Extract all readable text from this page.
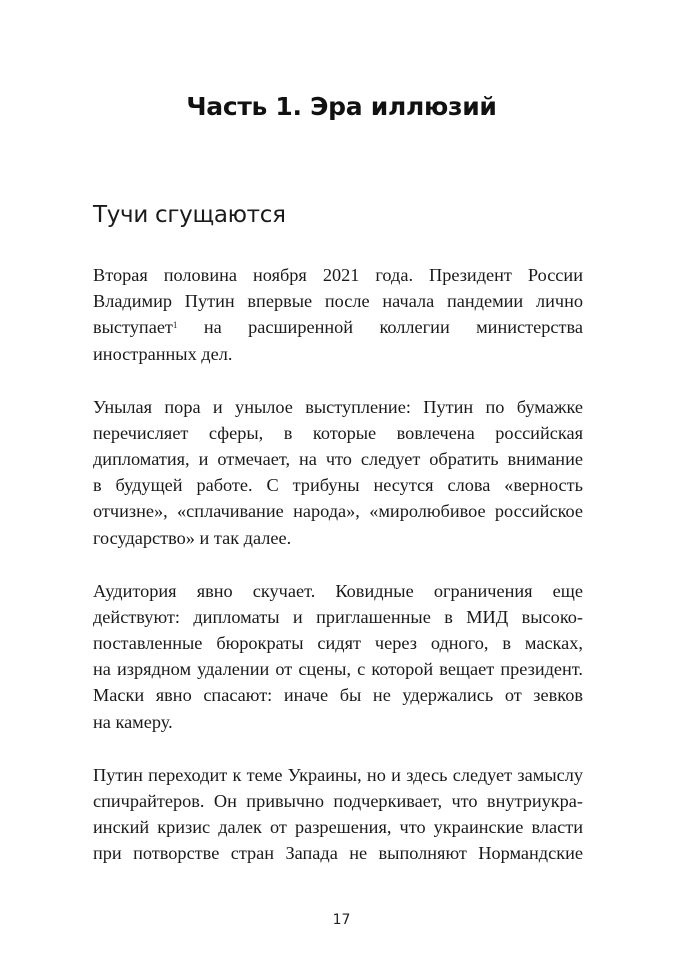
Часть 1. Эра иллюзий
Тучи сгущаются

Вторая половина ноября 2021 года. Президент России
Владимир Путин впервые после начала пандемии лично
выступает$^1$ на расширенной коллегии министерства
иностранных дел.

Унылая пора и унылое выступление: Путин по бумажке
перечисляет сферы, в которые вовлечена российская
дипломатия, и отмечает, на что следует обратить внимание
в будущей работе. С трибуны несутся слова «верность
отчизне», «сплачивание народа», «миролюбивое российское
государство» и так далее.

Аудитория явно скучает. Ковидные ограничения еще
действуют: дипломаты и приглашенные в МИД высоко-
поставленные бюрократы сидят через одного, в масках,
на изрядном удалении от сцены, с которой вещает президент.
Маски явно спасают: иначе бы не удержались от зевков
на камеру.

Путин переходит к теме Украины, но и здесь следует замыслу
спичрайтеров. Он привычно подчеркивает, что внутриукра-
инский кризис далек от разрешения, что украинские власти
при потворстве стран Запада не выполняют Нормандские

17
